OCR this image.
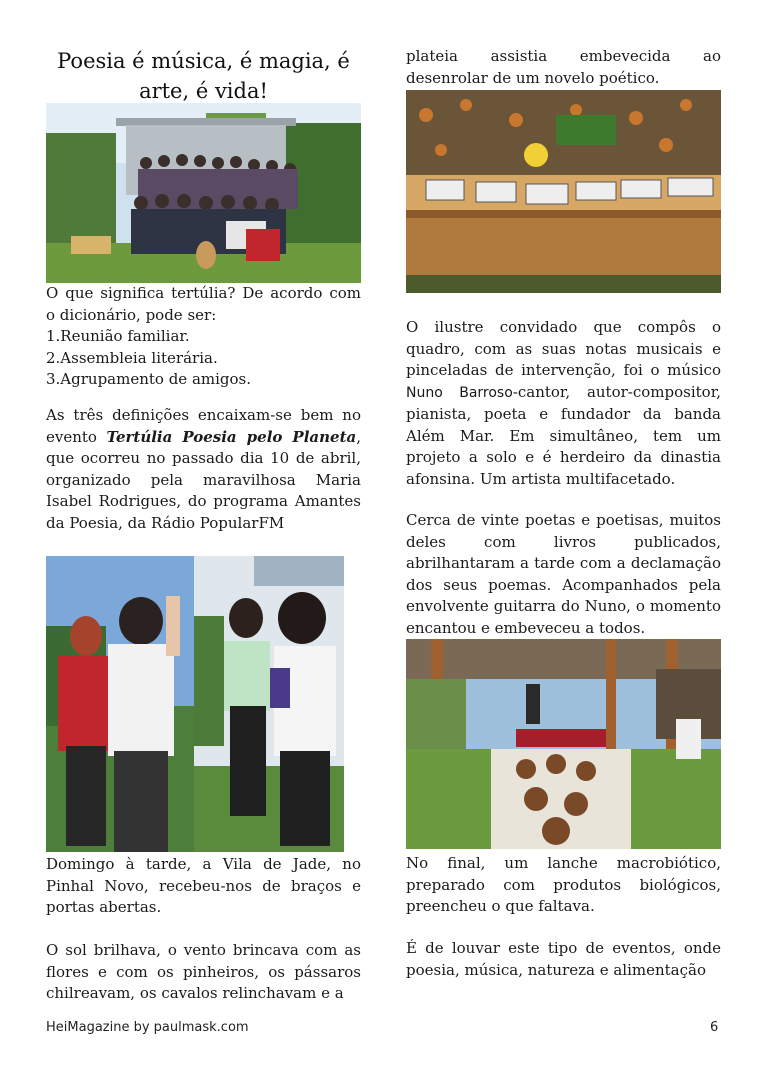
Poesia é música, é magia, é arte, é vida!
O que significa tertúlia? De acordo com o dicionário, pode ser:
1.Reunião familiar.
2.Assembleia literária.
3.Agrupamento de amigos.

As três definições encaixam-se bem no evento Tertúlia Poesia pelo Planeta, que ocorreu no passado dia 10 de abril, organizado pela maravilhosa Maria Isabel Rodrigues, do programa Amantes da Poesia, da Rádio PopularFM

Domingo à tarde, a Vila de Jade, no Pinhal Novo, recebeu-nos de braços e portas abertas.

O sol brilhava, o vento brincava com as flores e com os pinheiros, os pássaros chilreavam, os cavalos relinchavam e a

plateia assistia embevecida ao desenrolar de um novelo poético.

O ilustre convidado que compôs o quadro, com as suas notas musicais e pinceladas de intervenção, foi o músico Nuno Barroso-cantor, autor-compositor, pianista, poeta e fundador da banda Além Mar. Em simultâneo, tem um projeto a solo e é herdeiro da dinastia afonsina. Um artista multifacetado.

Cerca de vinte poetas e poetisas, muitos deles com livros publicados, abrilhantaram a tarde com a declamação dos seus poemas. Acompanhados pela envolvente guitarra do Nuno, o momento encantou e embeveceu a todos.

No final, um lanche macrobiótico, preparado com produtos biológicos, preencheu o que faltava.

É de louvar este tipo de eventos, onde poesia, música, natureza e alimentação

HeiMagazine by paulmask.com	6
